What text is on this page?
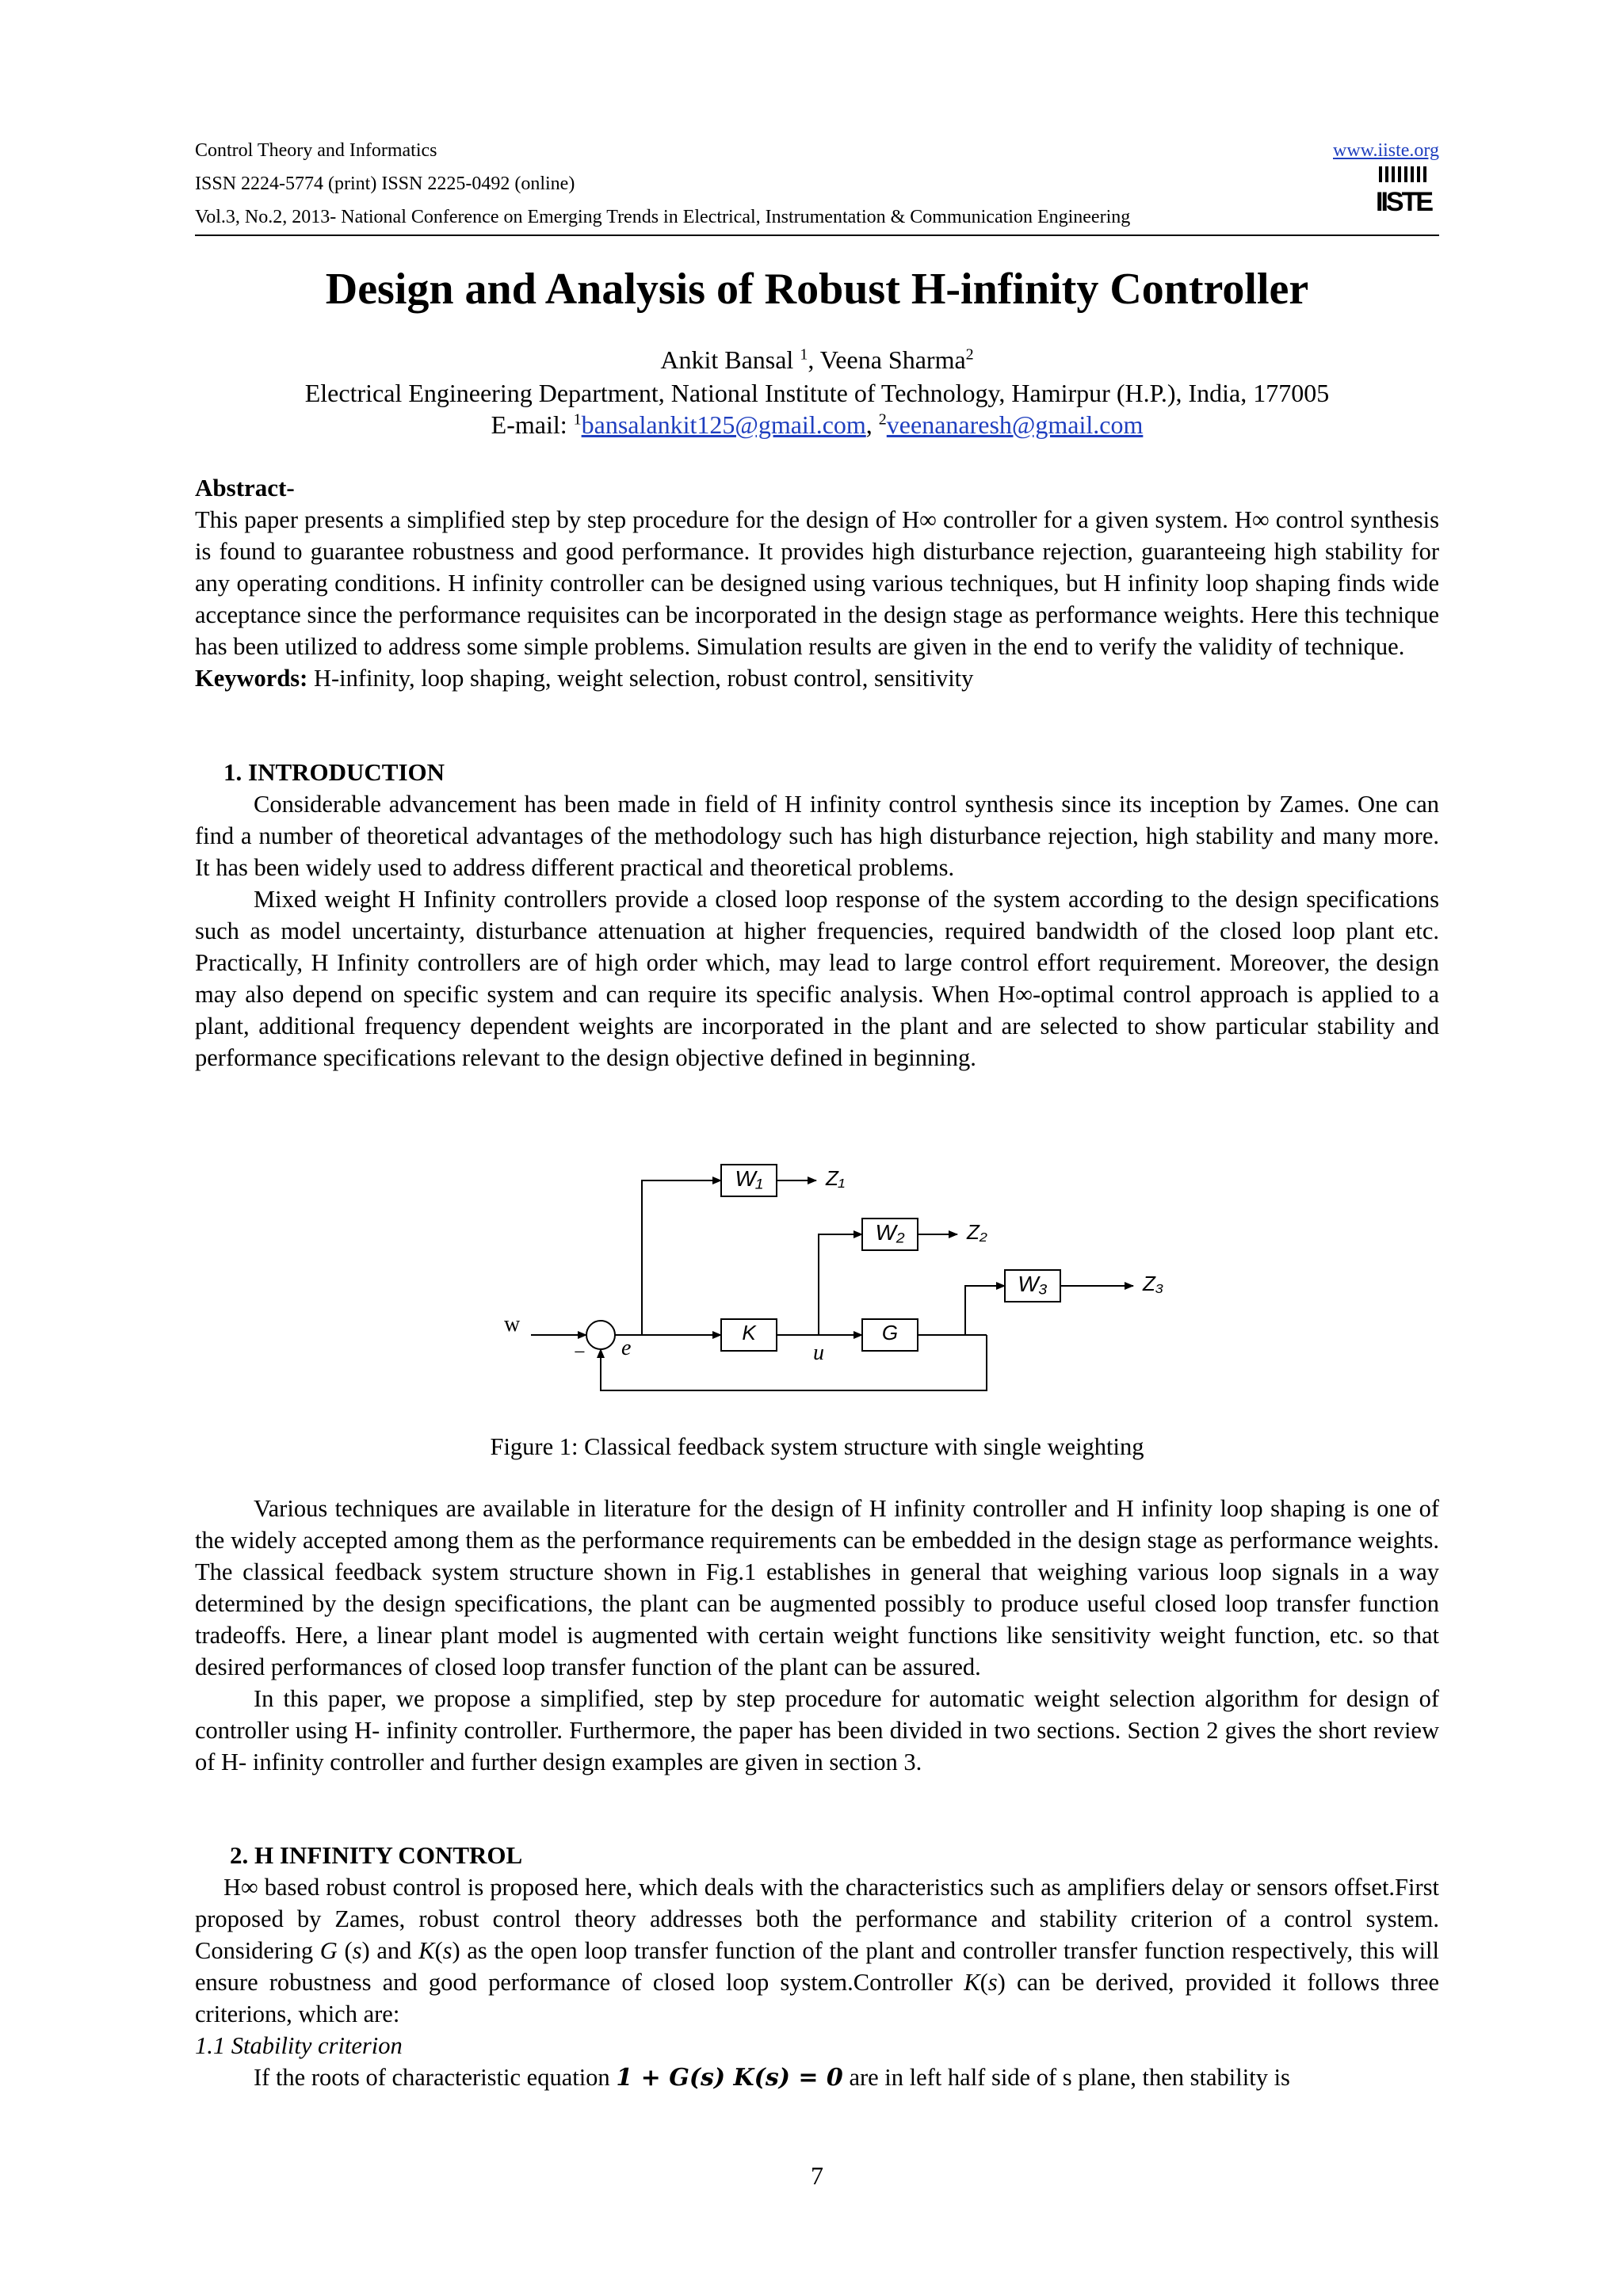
Control Theory and Informatics
ISSN 2224-5774 (print) ISSN 2225-0492 (online)
Vol.3, No.2, 2013- National Conference on Emerging Trends in Electrical, Instrumentation & Communication Engineering
www.iiste.org
IISTE
Design and Analysis of Robust H-infinity Controller
Ankit Bansal $^1$, Veena Sharma$^2$
Electrical Engineering Department, National Institute of Technology, Hamirpur (H.P.), India, 177005
E-mail: $^1$bansalankit125@gmail.com, $^2$veenanaresh@gmail.com
Abstract-

This paper presents a simplified step by step procedure for the design of H∞ controller for a given system. H∞ control synthesis is found to guarantee robustness and good performance. It provides high disturbance rejection, guaranteeing high stability for any operating conditions. H infinity controller can be designed using various techniques, but H infinity loop shaping finds wide acceptance since the performance requisites can be incorporated in the design stage as performance weights. Here this technique has been utilized to address some simple problems. Simulation results are given in the end to verify the validity of technique.

Keywords: H-infinity, loop shaping, weight selection, robust control, sensitivity
1. INTRODUCTION

Considerable advancement has been made in field of H infinity control synthesis since its inception by Zames. One can find a number of theoretical advantages of the methodology such has high disturbance rejection, high stability and many more. It has been widely used to address different practical and theoretical problems.

Mixed weight H Infinity controllers provide a closed loop response of the system according to the design specifications such as model uncertainty, disturbance attenuation at higher frequencies, required bandwidth of the closed loop plant etc. Practically, H Infinity controllers are of high order which, may lead to large control effort requirement. Moreover, the design may also depend on specific system and can require its specific analysis. When H∞-optimal control approach is applied to a plant, additional frequency dependent weights are incorporated in the plant and are selected to show particular stability and performance specifications relevant to the design objective defined in beginning.

W₁
W₂
W₃
K	G
Z₁
Z₂
Z₃
w
e	u
−
Figure 1: Classical feedback system structure with single weighting

Various techniques are available in literature for the design of H infinity controller and H infinity loop shaping is one of the widely accepted among them as the performance requirements can be embedded in the design stage as performance weights. The classical feedback system structure shown in Fig.1 establishes in general that weighing various loop signals in a way determined by the design specifications, the plant can be augmented possibly to produce useful closed loop transfer function tradeoffs. Here, a linear plant model is augmented with certain weight functions like sensitivity weight function, etc. so that desired performances of closed loop transfer function of the plant can be assured.

In this paper, we propose a simplified, step by step procedure for automatic weight selection algorithm for design of controller using H- infinity controller. Furthermore, the paper has been divided in two sections. Section 2 gives the short review of H- infinity controller and further design examples are given in section 3.

2. H INFINITY CONTROL

H∞ based robust control is proposed here, which deals with the characteristics such as amplifiers delay or sensors offset.First proposed by Zames, robust control theory addresses both the performance and stability criterion of a control system. Considering G (s) and K(s) as the open loop transfer function of the plant and controller transfer function respectively, this will ensure robustness and good performance of closed loop system.Controller K(s) can be derived, provided it follows three criterions, which are:

1.1 Stability criterion

If the roots of characteristic equation 1 + G(s) K(s) = 0 are in left half side of s plane, then stability is

7
